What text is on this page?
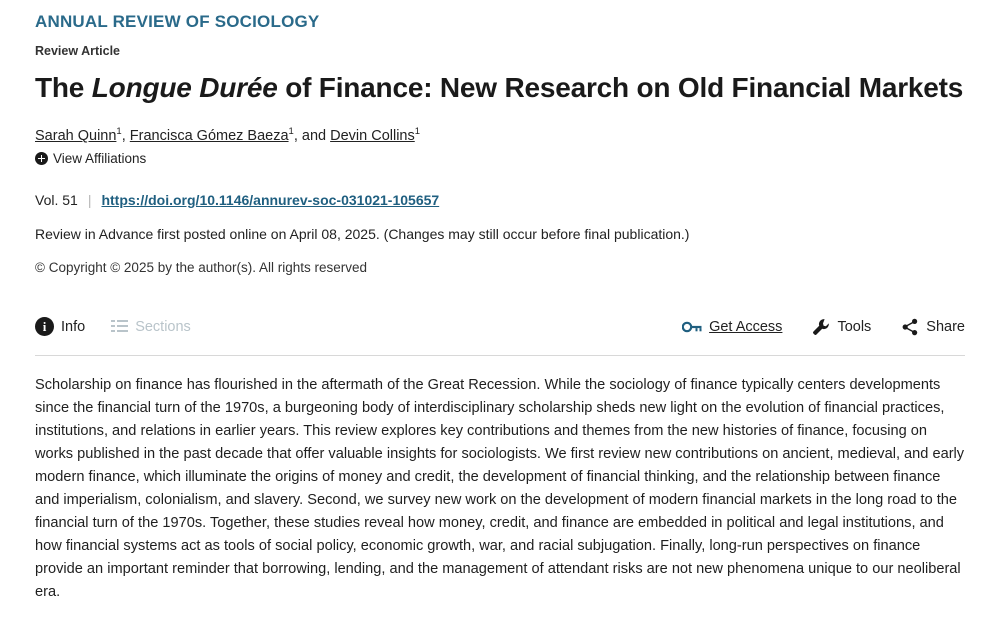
ANNUAL REVIEW OF SOCIOLOGY
Review Article
The Longue Durée of Finance: New Research on Old Financial Markets
Sarah Quinn$^1$, Francisca Gómez Baeza$^1$, and Devin Collins$^1$
View Affiliations
Vol. 51 | https://doi.org/10.1146/annurev-soc-031021-105657
Review in Advance first posted online on April 08, 2025. (Changes may still occur before final publication.)
© Copyright © 2025 by the author(s). All rights reserved
i	Info	Sections	Get Access	Tools	Share
Scholarship on finance has flourished in the aftermath of the Great Recession. While the sociology of finance typically centers developments since the financial turn of the 1970s, a burgeoning body of interdisciplinary scholarship sheds new light on the evolution of financial practices, institutions, and relations in earlier years. This review explores key contributions and themes from the new histories of finance, focusing on works published in the past decade that offer valuable insights for sociologists. We first review new contributions on ancient, medieval, and early modern finance, which illuminate the origins of money and credit, the development of financial thinking, and the relationship between finance and imperialism, colonialism, and slavery. Second, we survey new work on the development of modern financial markets in the long road to the financial turn of the 1970s. Together, these studies reveal how money, credit, and finance are embedded in political and legal institutions, and how financial systems act as tools of social policy, economic growth, war, and racial subjugation. Finally, long-run perspectives on finance provide an important reminder that borrowing, lending, and the management of attendant risks are not new phenomena unique to our neoliberal era.
